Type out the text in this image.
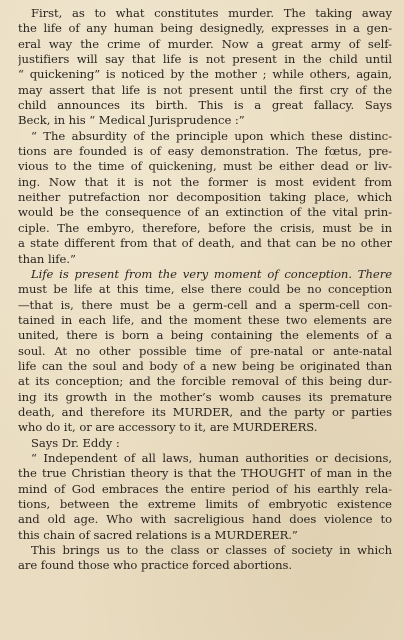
First, as to what constitutes murder. The taking away
the life of any human being designedly, expresses in a gen-
eral way the crime of murder. Now a great army of self-
justifiers will say that life is not present in the child until
“ quickening” is noticed by the mother ; while others, again,
may assert that life is not present until the first cry of the
child announces its birth. This is a great fallacy. Says
Beck, in his “ Medical Jurisprudence :”
“ The absurdity of the principle upon which these distinc-
tions are founded is of easy demonstration. The fœtus, pre-
vious to the time of quickening, must be either dead or liv-
ing. Now that it is not the former is most evident from
neither putrefaction nor decomposition taking place, which
would be the consequence of an extinction of the vital prin-
ciple. The embyro, therefore, before the crisis, must be in
a state different from that of death, and that can be no other
than life.”
Life is present from the very moment of conception. There
must be life at this time, else there could be no conception
—that is, there must be a germ-cell and a sperm-cell con-
tained in each life, and the moment these two elements are
united, there is born a being containing the elements of a
soul. At no other possible time of pre-natal or ante-natal
life can the soul and body of a new being be originated than
at its conception; and the forcible removal of this being dur-
ing its growth in the mother’s womb causes its premature
death, and therefore its MURDER, and the party or parties
who do it, or are accessory to it, are MURDERERS.
Says Dr. Eddy :
“ Independent of all laws, human authorities or decisions,
the true Christian theory is that the THOUGHT of man in the
mind of God embraces the entire period of his earthly rela-
tions, between the extreme limits of embryotic existence
and old age. Who with sacreligious hand does violence to
this chain of sacred relations is a MURDERER.”
This brings us to the class or classes of society in which
are found those who practice forced abortions.
